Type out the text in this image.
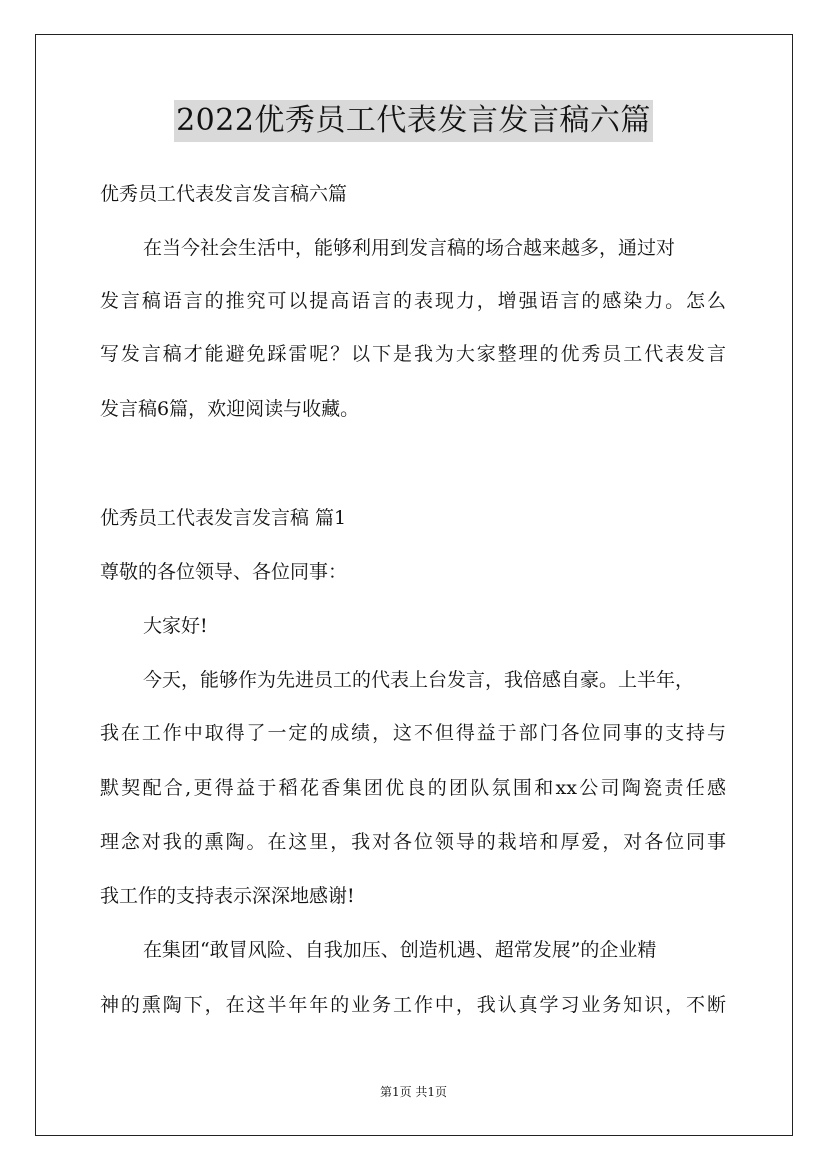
2022优秀员工代表发言发言稿六篇
优秀员工代表发言发言稿六篇
在当今社会生活中，能够利用到发言稿的场合越来越多，通过对
发言稿语言的推究可以提高语言的表现力，增强语言的感染力。怎么
写发言稿才能避免踩雷呢？以下是我为大家整理的优秀员工代表发言
发言稿6篇，欢迎阅读与收藏。
优秀员工代表发言发言稿 篇1
尊敬的各位领导、各位同事：
大家好!
今天，能够作为先进员工的代表上台发言，我倍感自豪。上半年，
我在工作中取得了一定的成绩，这不但得益于部门各位同事的支持与
默契配合,更得益于稻花香集团优良的团队氛围和xx公司陶瓷责任感
理念对我的熏陶。在这里，我对各位领导的栽培和厚爱，对各位同事
我工作的支持表示深深地感谢!
在集团“敢冒风险、自我加压、创造机遇、超常发展”的企业精
神的熏陶下，在这半年年的业务工作中，我认真学习业务知识，不断
第1页 共1页
